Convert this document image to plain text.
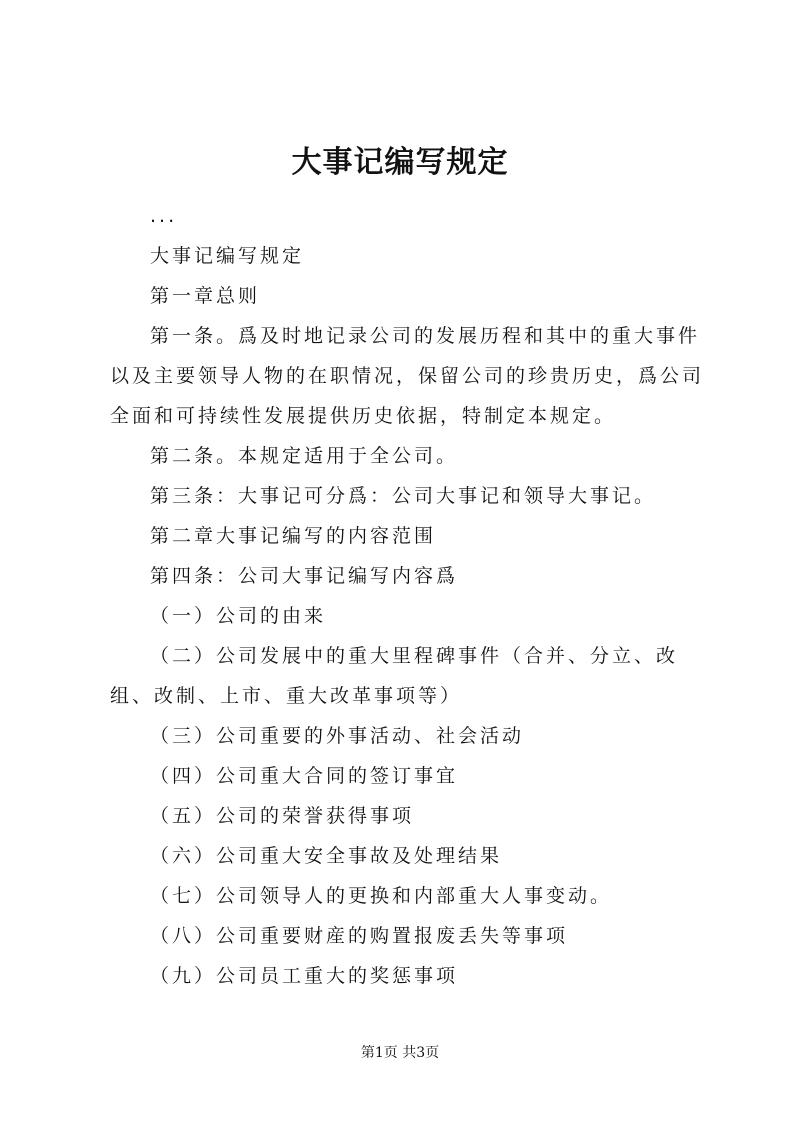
大事记编写规定

...

大事记编写规定

第一章总则

第一条。爲及时地记录公司的发展历程和其中的重大事件以及主要领导人物的在职情况，保留公司的珍贵历史，爲公司全面和可持续性发展提供历史依据，特制定本规定。

第二条。本规定适用于全公司。

第三条：大事记可分爲：公司大事记和领导大事记。

第二章大事记编写的内容范围

第四条：公司大事记编写内容爲

（一）公司的由来

（二）公司发展中的重大里程碑事件（合并、分立、改组、改制、上市、重大改革事项等）

（三）公司重要的外事活动、社会活动

（四）公司重大合同的签订事宜

（五）公司的荣誉获得事项

（六）公司重大安全事故及处理结果

（七）公司领导人的更换和内部重大人事变动。

（八）公司重要财産的购置报废丢失等事项

（九）公司员工重大的奖惩事项

第1页 共3页
